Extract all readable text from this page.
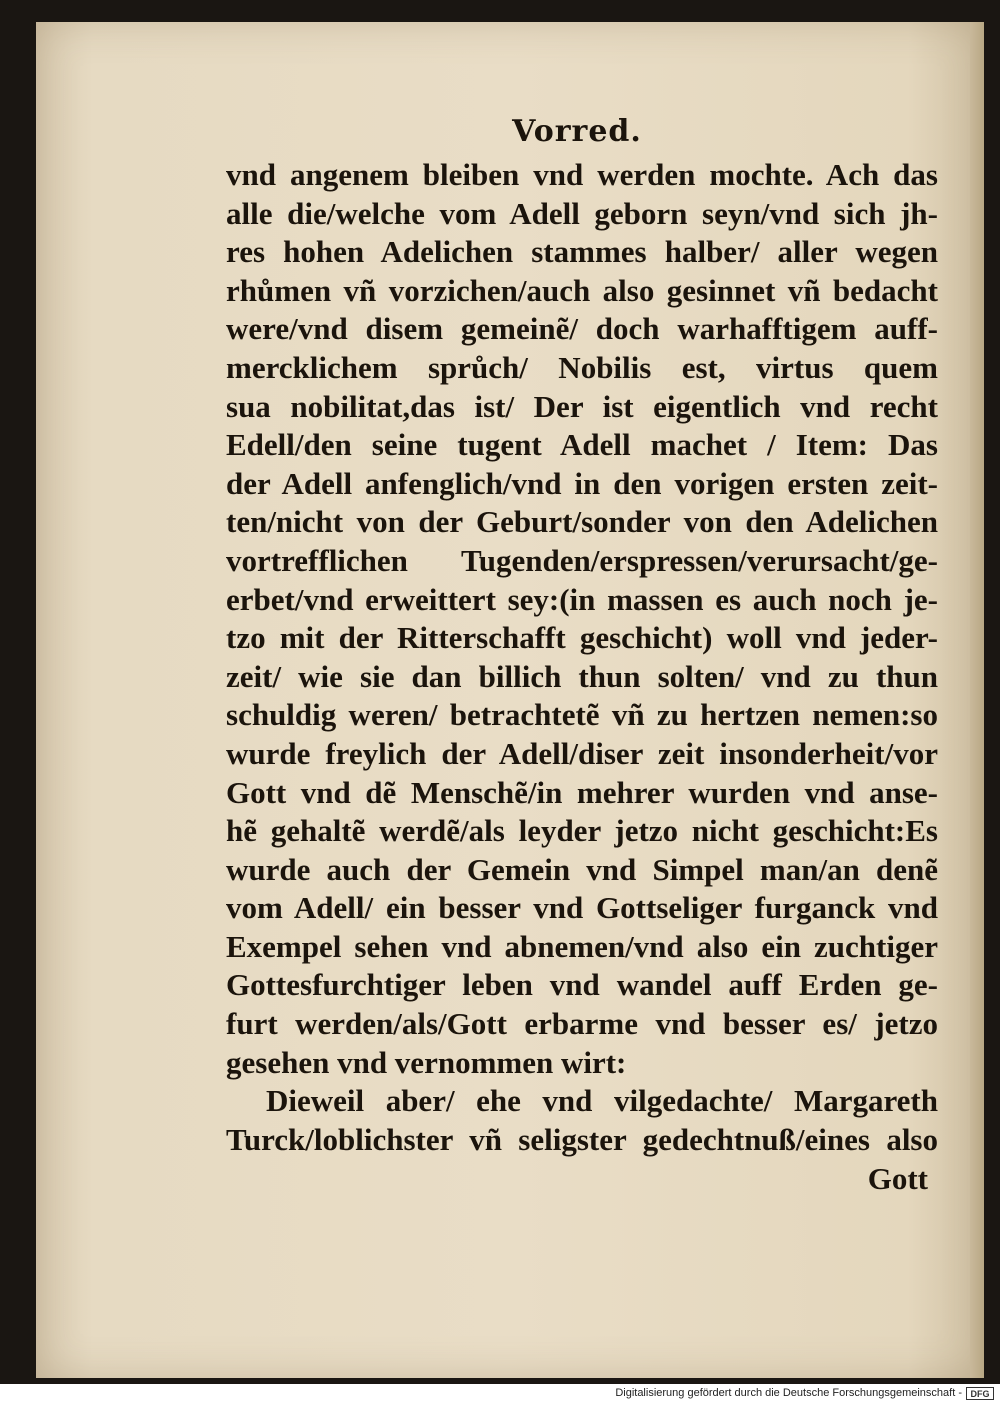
Vorred.
vnd angenem bleiben vnd werden mochte. Ach das
alle die/welche vom Adell geborn seyn/vnd sich jh-
res hohen Adelichen stammes halber/ aller wegen
rhůmen vñ vorzichen/auch also gesinnet vñ bedacht
were/vnd disem gemeinẽ/ doch warhafftigem auff-
mercklichem sprůch/ Nobilis est, virtus quem
sua nobilitat,das ist/ Der ist eigentlich vnd recht
Edell/den seine tugent Adell machet / Item: Das
der Adell anfenglich/vnd in den vorigen ersten zeit-
ten/nicht von der Geburt/sonder von den Adelichen
vortrefflichen Tugenden/erspressen/verursacht/ge-
erbet/vnd erweittert sey:(in massen es auch noch je-
tzo mit der Ritterschafft geschicht) woll vnd jeder-
zeit/ wie sie dan billich thun solten/ vnd zu thun
schuldig weren/ betrachtetẽ vñ zu hertzen nemen:so
wurde freylich der Adell/diser zeit insonderheit/vor
Gott vnd dẽ Menschẽ/in mehrer wurden vnd anse-
hẽ gehaltẽ werdẽ/als leyder jetzo nicht geschicht:Es
wurde auch der Gemein vnd Simpel man/an denẽ
vom Adell/ ein besser vnd Gottseliger furganck vnd
Exempel sehen vnd abnemen/vnd also ein zuchtiger
Gottesfurchtiger leben vnd wandel auff Erden ge-
furt werden/als/Gott erbarme vnd besser es/ jetzo
gesehen vnd vernommen wirt:
Dieweil aber/ ehe vnd vilgedachte/ Margareth
Turck/loblichster vñ seligster gedechtnuß/eines also
Gott
Digitalisierung gefördert durch die Deutsche Forschungsgemeinschaft - DFG
